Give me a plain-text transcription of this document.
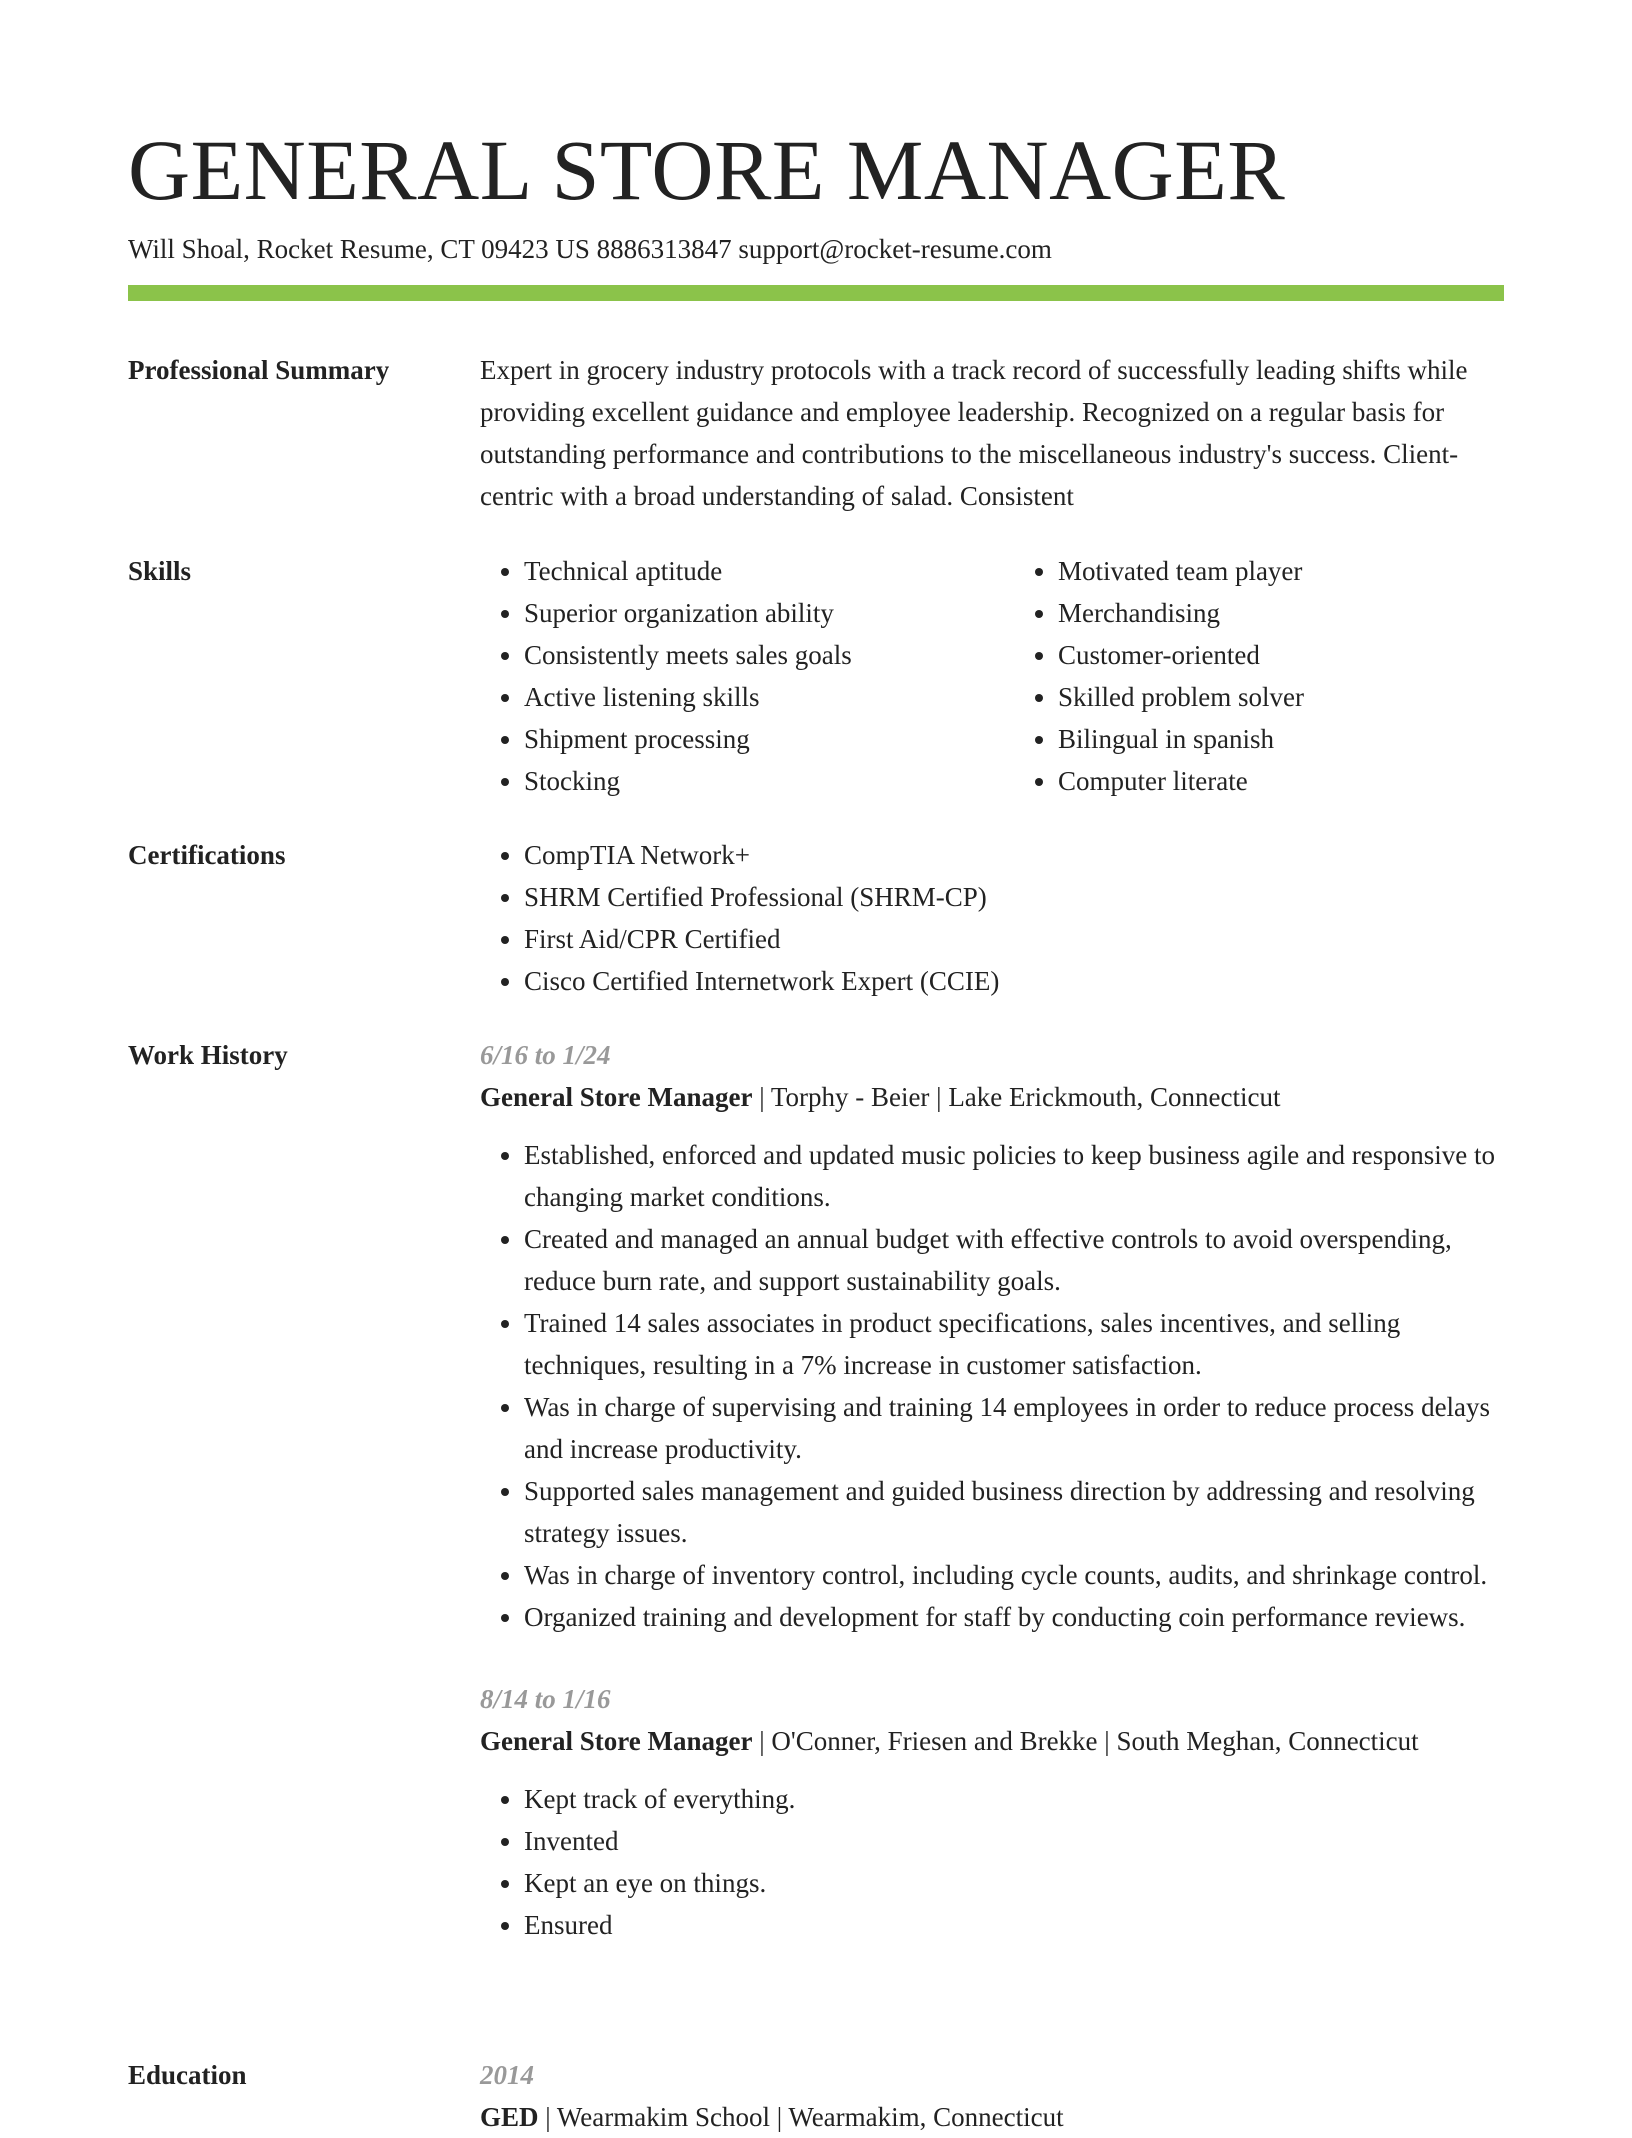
GENERAL STORE MANAGER
Will Shoal, Rocket Resume, CT 09423 US 8886313847 support@rocket-resume.com
Professional Summary	Expert in grocery industry protocols with a track record of successfully leading shifts while providing excellent guidance and employee leadership. Recognized on a regular basis for outstanding performance and contributions to the miscellaneous industry's success. Client-centric with a broad understanding of salad. Consistent

Skills	• Technical aptitude
• Superior organization ability
• Consistently meets sales goals
• Active listening skills
• Shipment processing
• Stocking
• Motivated team player
• Merchandising
• Customer-oriented
• Skilled problem solver
• Bilingual in spanish
• Computer literate
Certifications	• CompTIA Network+
• SHRM Certified Professional (SHRM-CP)
• First Aid/CPR Certified
• Cisco Certified Internetwork Expert (CCIE)
Work History	6/16 to 1/24
General Store Manager | Torphy - Beier | Lake Erickmouth, Connecticut
• Established, enforced and updated music policies to keep business agile and responsive to changing market conditions.
• Created and managed an annual budget with effective controls to avoid overspending, reduce burn rate, and support sustainability goals.
• Trained 14 sales associates in product specifications, sales incentives, and selling techniques, resulting in a 7% increase in customer satisfaction.
• Was in charge of supervising and training 14 employees in order to reduce process delays and increase productivity.
• Supported sales management and guided business direction by addressing and resolving strategy issues.
• Was in charge of inventory control, including cycle counts, audits, and shrinkage control.
• Organized training and development for staff by conducting coin performance reviews.
8/14 to 1/16
General Store Manager | O'Conner, Friesen and Brekke | South Meghan, Connecticut
• Kept track of everything.
• Invented
• Kept an eye on things.
• Ensured
Education	2014
GED | Wearmakim School | Wearmakim, Connecticut
